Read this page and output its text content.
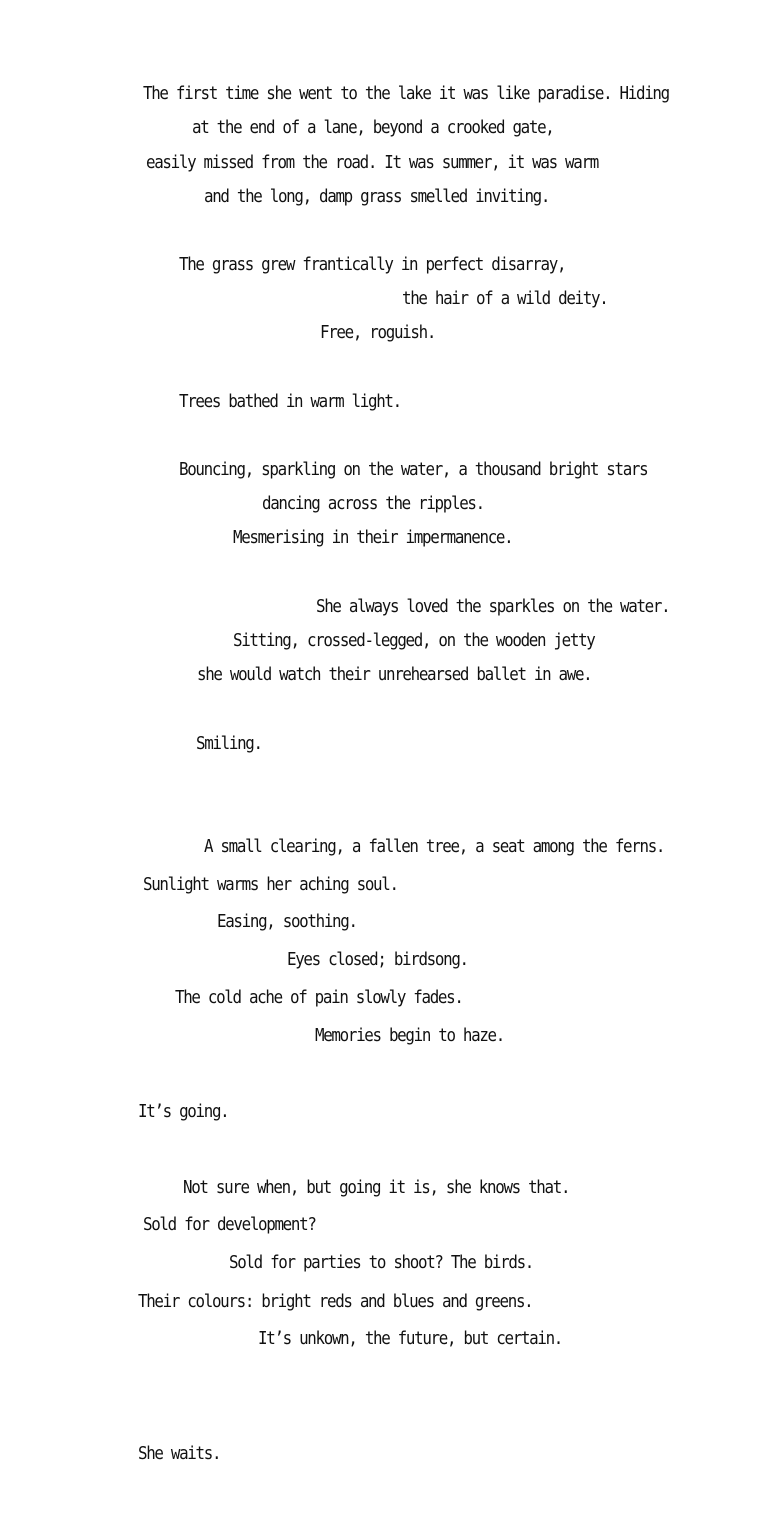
The first time she went to the lake it was like paradise. Hiding
at the end of a lane, beyond a crooked gate,
easily missed from the road. It was summer, it was warm
and the long, damp grass smelled inviting.
The grass grew frantically in perfect disarray,
the hair of a wild deity.
Free, roguish.
Trees bathed in warm light.
Bouncing, sparkling on the water, a thousand bright stars
dancing across the ripples.
Mesmerising in their impermanence.
She always loved the sparkles on the water.
Sitting, crossed-legged, on the wooden jetty
she would watch their unrehearsed ballet in awe.
Smiling.
A small clearing, a fallen tree, a seat among the ferns.
Sunlight warms her aching soul.
Easing, soothing.
Eyes closed; birdsong.
The cold ache of pain slowly fades.
Memories begin to haze.
It’s going.
Not sure when, but going it is, she knows that.
Sold for development?
Sold for parties to shoot? The birds.
Their colours: bright reds and blues and greens.
It’s unkown, the future, but certain.
She waits.
